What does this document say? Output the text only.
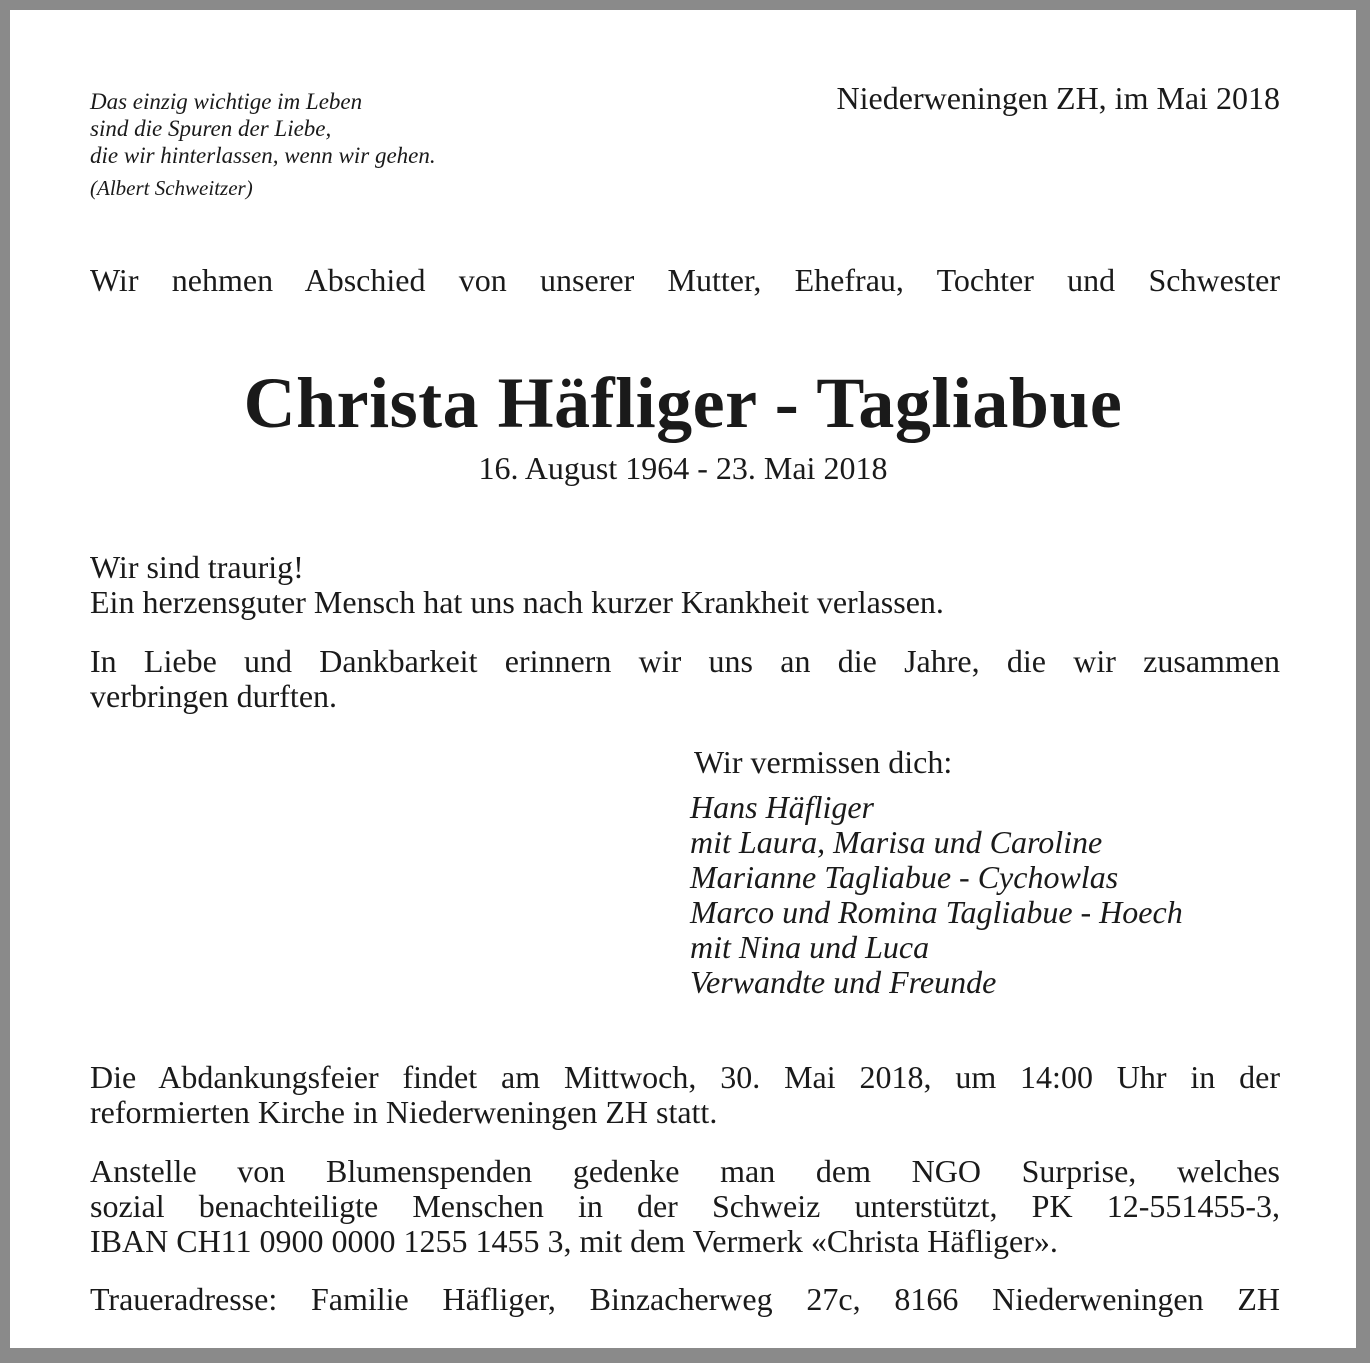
Das einzig wichtige im Leben
sind die Spuren der Liebe,
die wir hinterlassen, wenn wir gehen.
(Albert Schweitzer)
Niederweningen ZH, im Mai 2018
Wir nehmen Abschied von unserer Mutter, Ehefrau, Tochter und Schwester
Christa Häfliger - Tagliabue
16. August 1964 - 23. Mai 2018
Wir sind traurig!
Ein herzensguter Mensch hat uns nach kurzer Krankheit verlassen.
In Liebe und Dankbarkeit erinnern wir uns an die Jahre, die wir zusammen
verbringen durften.
Wir vermissen dich:
Hans Häfliger
mit Laura, Marisa und Caroline
Marianne Tagliabue - Cychowlas
Marco und Romina Tagliabue - Hoech
mit Nina und Luca
Verwandte und Freunde
Die Abdankungsfeier findet am Mittwoch, 30. Mai 2018, um 14:00 Uhr in der
reformierten Kirche in Niederweningen ZH statt.
Anstelle von Blumenspenden gedenke man dem NGO Surprise, welches
sozial benachteiligte Menschen in der Schweiz unterstützt, PK 12-551455-3,
IBAN CH11 0900 0000 1255 1455 3, mit dem Vermerk «Christa Häfliger».
Traueradresse: Familie Häfliger, Binzacherweg 27c, 8166 Niederweningen ZH
